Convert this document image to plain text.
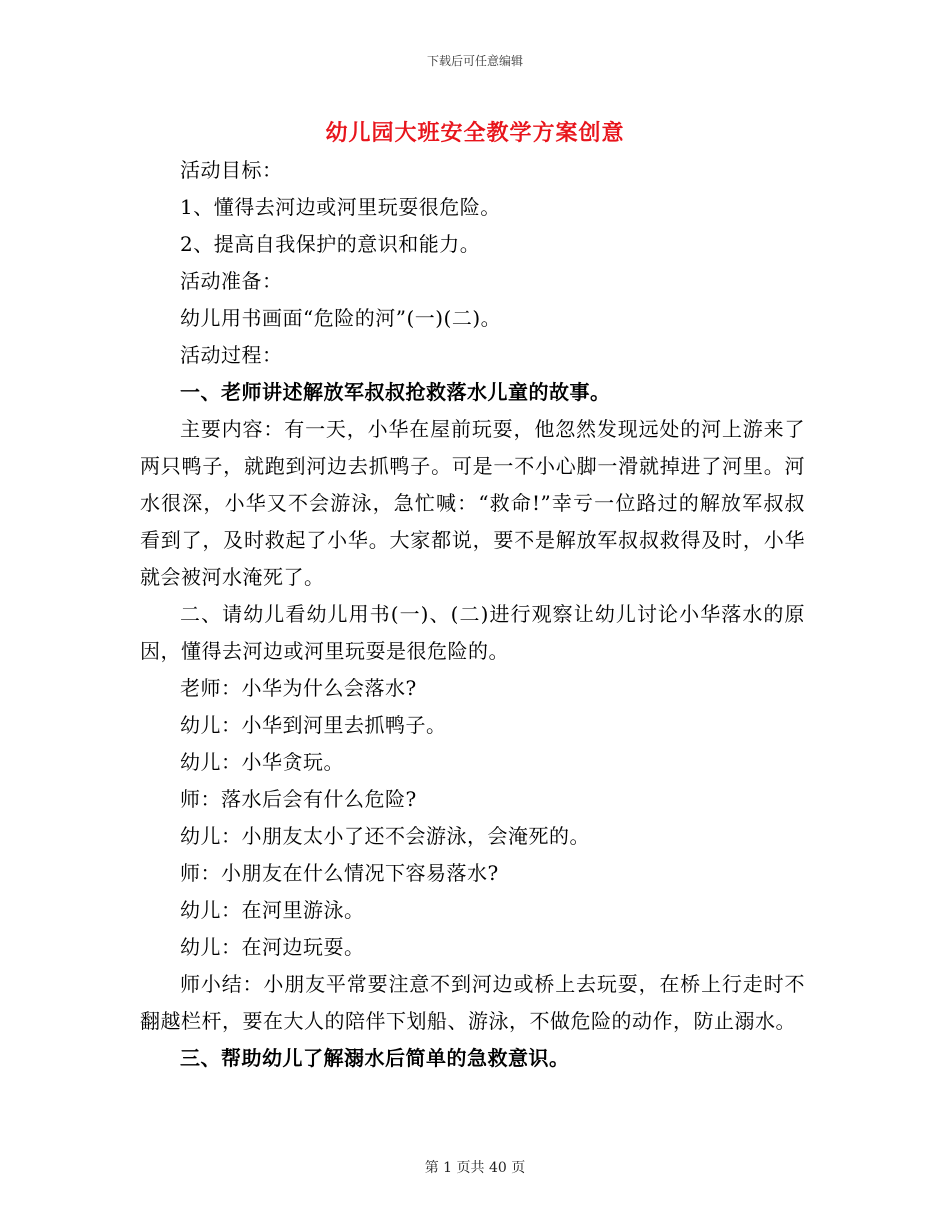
下载后可任意编辑
幼儿园大班安全教学方案创意

活动目标：

1、懂得去河边或河里玩耍很危险。

2、提高自我保护的意识和能力。

活动准备：

幼儿用书画面“危险的河”(一)(二)。

活动过程：

一、老师讲述解放军叔叔抢救落水儿童的故事。

主要内容：有一天，小华在屋前玩耍，他忽然发现远处的河上游来了两只鸭子，就跑到河边去抓鸭子。可是一不小心脚一滑就掉进了河里。河水很深，小华又不会游泳，急忙喊：“救命!”幸亏一位路过的解放军叔叔看到了，及时救起了小华。大家都说，要不是解放军叔叔救得及时，小华就会被河水淹死了。

二、请幼儿看幼儿用书(一)、(二)进行观察让幼儿讨论小华落水的原因，懂得去河边或河里玩耍是很危险的。

老师：小华为什么会落水?

幼儿：小华到河里去抓鸭子。

幼儿：小华贪玩。

师：落水后会有什么危险?

幼儿：小朋友太小了还不会游泳，会淹死的。

师：小朋友在什么情况下容易落水?

幼儿：在河里游泳。

幼儿：在河边玩耍。

师小结：小朋友平常要注意不到河边或桥上去玩耍，在桥上行走时不翻越栏杆，要在大人的陪伴下划船、游泳，不做危险的动作，防止溺水。

三、帮助幼儿了解溺水后简单的急救意识。

第 1 页共 40 页
